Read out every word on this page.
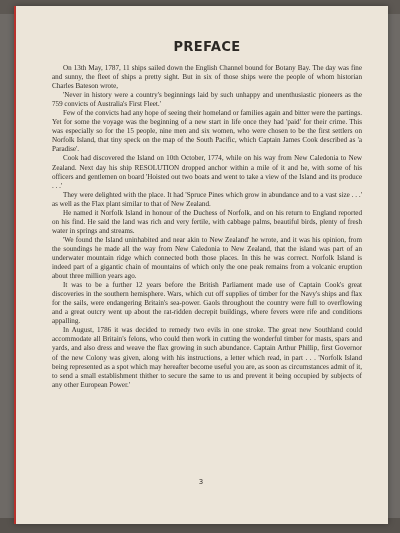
PREFACE

On 13th May, 1787, 11 ships sailed down the English Channel bound for Botany Bay. The day was fine and sunny, the fleet of ships a pretty sight. But in six of those ships were the people of whom historian Charles Bateson wrote,

'Never in history were a country's beginnings laid by such unhappy and unenthusiastic pioneers as the 759 convicts of Australia's First Fleet.'

Few of the convicts had any hope of seeing their homeland or families again and bitter were the partings. Yet for some the voyage was the beginning of a new start in life once they had 'paid' for their crime. This was especially so for the 15 people, nine men and six women, who were chosen to be the first settlers on Norfolk Island, that tiny speck on the map of the South Pacific, which Captain James Cook described as 'a Paradise'.

Cook had discovered the Island on 10th October, 1774, while on his way from New Caledonia to New Zealand. Next day his ship RESOLUTION dropped anchor within a mile of it and he, with some of his officers and gentlemen on board 'Hoisted out two boats and went to take a view of the Island and its produce . . .'

They were delighted with the place. It had 'Spruce Pines which grow in abundance and to a vast size . . .' as well as the Flax plant similar to that of New Zealand.

He named it Norfolk Island in honour of the Duchess of Norfolk, and on his return to England reported on his find. He said the land was rich and very fertile, with cabbage palms, beautiful birds, plenty of fresh water in springs and streams.

'We found the Island uninhabited and near akin to New Zealand' he wrote, and it was his opinion, from the soundings he made all the way from New Caledonia to New Zealand, that the island was part of an underwater mountain ridge which connected both those places. In this he was correct. Norfolk Island is indeed part of a gigantic chain of mountains of which only the one peak remains from a volcanic eruption about three million years ago.

It was to be a further 12 years before the British Parliament made use of Captain Cook's great discoveries in the southern hemisphere. Wars, which cut off supplies of timber for the Navy's ships and flax for the sails, were endangering Britain's sea-power. Gaols throughout the country were full to overflowing and a great outcry went up about the rat-ridden decrepit buildings, where fevers were rife and conditions appalling.

In August, 1786 it was decided to remedy two evils in one stroke. The great new Southland could accommodate all Britain's felons, who could then work in cutting the wonderful timber for masts, spars and yards, and also dress and weave the flax growing in such abundance. Captain Arthur Phillip, first Governor of the new Colony was given, along with his instructions, a letter which read, in part . . . 'Norfolk Island being represented as a spot which may hereafter become useful you are, as soon as circumstances admit of it, to send a small establishment thither to secure the same to us and prevent it being occupied by subjects of any other European Power.'

3
